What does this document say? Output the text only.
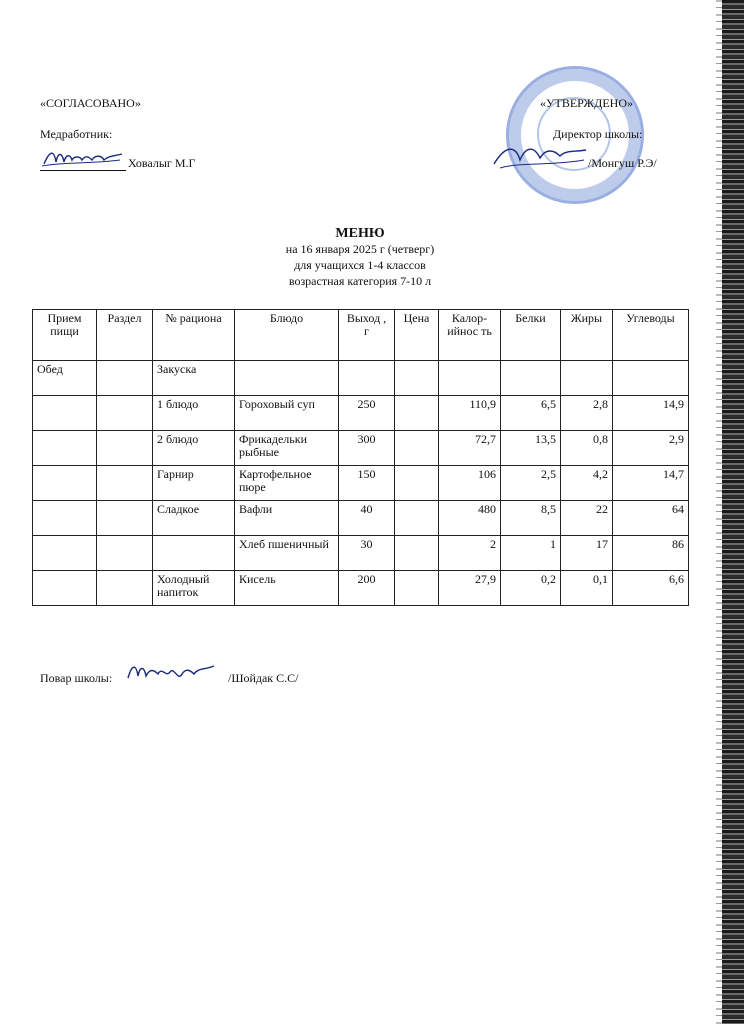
«СОГЛАСОВАНО»
Медработник:
Ховалыг М.Г
«УТВЕРЖДЕНО»
Директор школы:
/Монгуш Р.Э/
МЕНЮ
на 16 января 2025 г (четверг)
для учащихся 1-4 классов
возрастная категория 7-10 л
Прием пищи	Раздел	№ рациона	Блюдо	Выход , г	Цена	Калор-ийнос ть	Белки	Жиры	Углеводы
Обед		Закуска							
		1 блюдо	Гороховый суп	250		110,9	6,5	2,8	14,9
		2 блюдо	Фрикадельки рыбные	300		72,7	13,5	0,8	2,9
		Гарнир	Картофельное пюре	150		106	2,5	4,2	14,7
		Сладкое	Вафли	40		480	8,5	22	64
			Хлеб пшеничный	30		2	1	17	86
		Холодный напиток	Кисель	200		27,9	0,2	0,1	6,6
Повар школы:	/Шойдак С.С/
